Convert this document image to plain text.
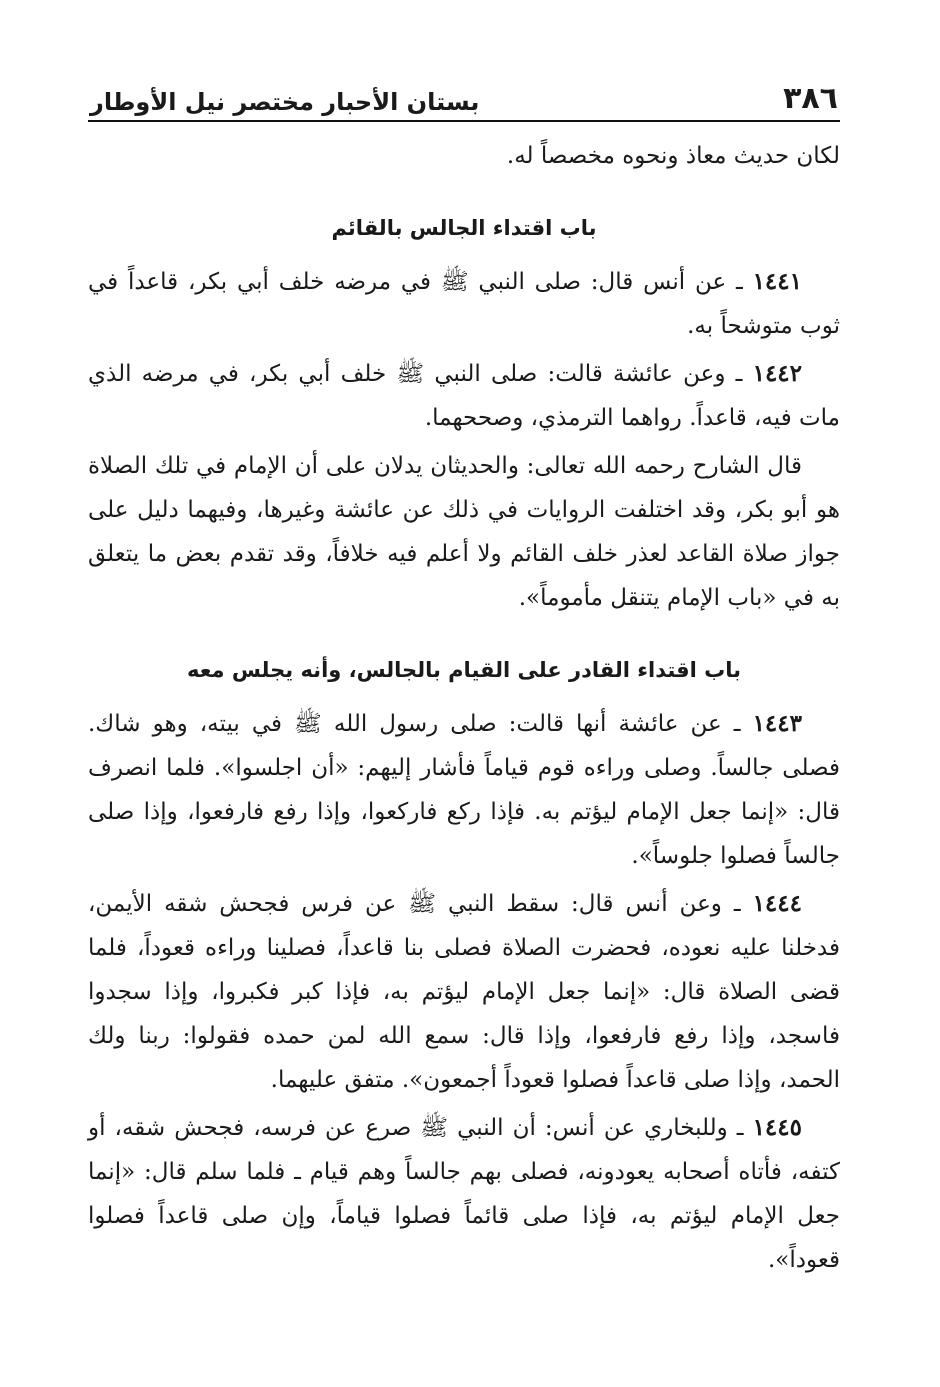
٣٨٦
بستان الأحبار مختصر نيل الأوطار

لكان حديث معاذ ونحوه مخصصاً له.

باب اقتداء الجالس بالقائم

١٤٤١ ـ عن أنس قال: صلى النبي ﷺ في مرضه خلف أبي بكر، قاعداً في ثوب متوشحاً به.

١٤٤٢ ـ وعن عائشة قالت: صلى النبي ﷺ خلف أبي بكر، في مرضه الذي مات فيه، قاعداً. رواهما الترمذي، وصححهما.

قال الشارح رحمه الله تعالى: والحديثان يدلان على أن الإمام في تلك الصلاة هو أبو بكر، وقد اختلفت الروايات في ذلك عن عائشة وغيرها، وفيهما دليل على جواز صلاة القاعد لعذر خلف القائم ولا أعلم فيه خلافاً، وقد تقدم بعض ما يتعلق به في «باب الإمام يتنقل مأموماً».

باب اقتداء القادر على القيام بالجالس، وأنه يجلس معه

١٤٤٣ ـ عن عائشة أنها قالت: صلى رسول الله ﷺ في بيته، وهو شاك. فصلى جالساً. وصلى وراءه قوم قياماً فأشار إليهم: «أن اجلسوا». فلما انصرف قال: «إنما جعل الإمام ليؤتم به. فإذا ركع فاركعوا، وإذا رفع فارفعوا، وإذا صلى جالساً فصلوا جلوساً».

١٤٤٤ ـ وعن أنس قال: سقط النبي ﷺ عن فرس فجحش شقه الأيمن، فدخلنا عليه نعوده، فحضرت الصلاة فصلى بنا قاعداً، فصلينا وراءه قعوداً، فلما قضى الصلاة قال: «إنما جعل الإمام ليؤتم به، فإذا كبر فكبروا، وإذا سجدوا فاسجد، وإذا رفع فارفعوا، وإذا قال: سمع الله لمن حمده فقولوا: ربنا ولك الحمد، وإذا صلى قاعداً فصلوا قعوداً أجمعون». متفق عليهما.

١٤٤٥ ـ وللبخاري عن أنس: أن النبي ﷺ صرع عن فرسه، فجحش شقه، أو كتفه، فأتاه أصحابه يعودونه، فصلى بهم جالساً وهم قيام ـ فلما سلم قال: «إنما جعل الإمام ليؤتم به، فإذا صلى قائماً فصلوا قياماً، وإن صلى قاعداً فصلوا قعوداً».
